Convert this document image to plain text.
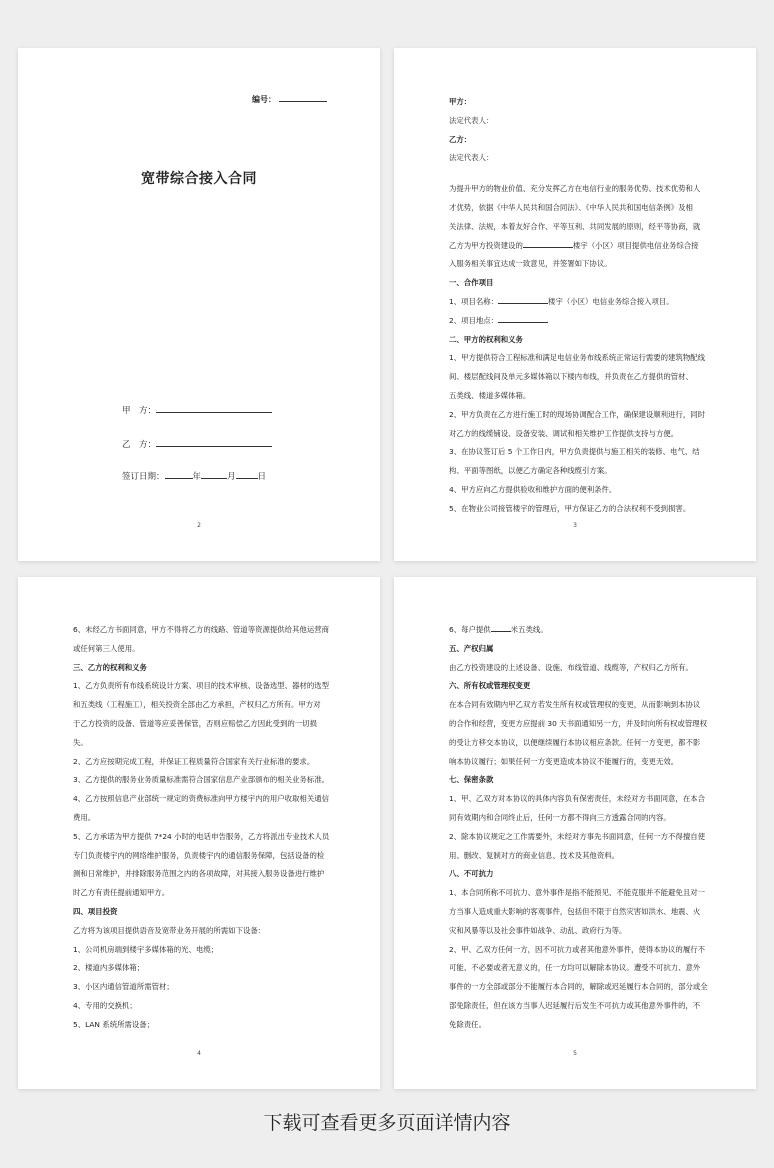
编号：
宽带综合接入合同
甲　方：
乙　方：
签订日期：	年	月	日
2

甲方：

法定代表人：

乙方：

法定代表人：

为提升甲方的物业价值、充分发挥乙方在电信行业的服务优势、技术优势和人

才优势，依据《中华人民共和国合同法》、《中华人民共和国电信条例》及相

关法律、法规，本着友好合作、平等互利、共同发展的原则，经平等协商，就

乙方为甲方投资建设的	楼宇（小区）项目提供电信业务综合接

入服务相关事宜达成一致意见，并签署如下协议。

一、合作项目

1、项目名称：	楼宇（小区）电信业务综合接入项目。

2、项目地点：

二、甲方的权利和义务

1、甲方提供符合工程标准和满足电信业务布线系统正常运行需要的建筑物配线

间、楼层配线间及单元多媒体箱以下楼内布线，并负责在乙方提供的管材、

五类线、楼道多媒体箱。

2、甲方负责在乙方进行施工时的现场协调配合工作，确保建设顺利进行，同时

对乙方的线缆铺设、设备安装、调试和相关维护工作提供支持与方便。

3、在协议签订后 5 个工作日内，甲方负责提供与施工相关的装修、电气、结

构、平面等图纸，以便乙方确定各种线缆引方案。

4、甲方应向乙方提供验收和维护方面的便利条件。

5、在物业公司接管楼宇的管理后，甲方保证乙方的合法权利不受到损害。

3

6、未经乙方书面同意，甲方不得将乙方的线路、管道等资源提供给其他运营商

或任何第三人使用。

三、乙方的权利和义务

1、乙方负责所有布线系统设计方案、项目的技术审核、设备选型、器材的选型

和五类线（工程施工），相关投资全部由乙方承担，产权归乙方所有。甲方对

于乙方投资的设备、管道等应妥善保管，否则应赔偿乙方因此受到的一切损

失。

2、乙方应按期完成工程，并保证工程质量符合国家有关行业标准的要求。

3、乙方提供的服务业务质量标准需符合国家信息产业部颁布的相关业务标准。

4、乙方按照信息产业部统一规定的资费标准向甲方楼宇内的用户收取相关通信

费用。

5、乙方承诺为甲方提供 7*24 小时的电话申告服务，乙方将派出专业技术人员

专门负责楼宇内的网络维护服务，负责楼宇内的通信服务保障，包括设备的检

测和日常维护，并排除服务范围之内的各项故障，对其接入服务设备进行维护

时乙方有责任提前通知甲方。

四、项目投资

乙方将为该项目提供语音及宽带业务开展的所需如下设备：

1、公司机房端到楼宇多媒体箱的光、电缆；

2、楼道内多媒体箱；

3、小区内通信管道所需管材；

4、专用的交换机；

5、LAN 系统所需设备；

4

6、每户提供	米五类线。

五、产权归属

由乙方投资建设的上述设备、设施、布线管道、线缆等，产权归乙方所有。

六、所有权或管理权变更

在本合同有效期内甲乙双方若发生所有权或管理权的变更，从而影响到本协议

的合作和经营，变更方应提前 30 天书面通知另一方，并及时向所有权或管理权

的受让方移交本协议，以便继续履行本协议相应条款。任何一方变更，都不影

响本协议履行；如果任何一方变更造成本协议不能履行的，变更无效。

七、保密条款

1、甲、乙双方对本协议的具体内容负有保密责任，未经对方书面同意，在本合

同有效期内和合同终止后，任何一方都不得向三方透露合同的内容。

2、除本协议规定之工作需要外，未经对方事先书面同意，任何一方不得擅自使

用、删改、复制对方的商业信息、技术及其他资料。

八、不可抗力

1、本合同所称不可抗力、意外事件是指不能预见、不能克服并不能避免且对一

方当事人造成重大影响的客观事件，包括但不限于自然灾害如洪水、地震、火

灾和风暴等以及社会事件如战争、动乱、政府行为等。

2、甲、乙双方任何一方，因不可抗力或者其他意外事件，使得本协议的履行不

可能、不必要或者无意义的，任一方均可以解除本协议。遭受不可抗力、意外

事件的一方全部或部分不能履行本合同的，解除或迟延履行本合同的，部分或全

部免除责任，但在该方当事人迟延履行后发生不可抗力或其他意外事件的，不

免除责任。

5
下载可查看更多页面详情内容
